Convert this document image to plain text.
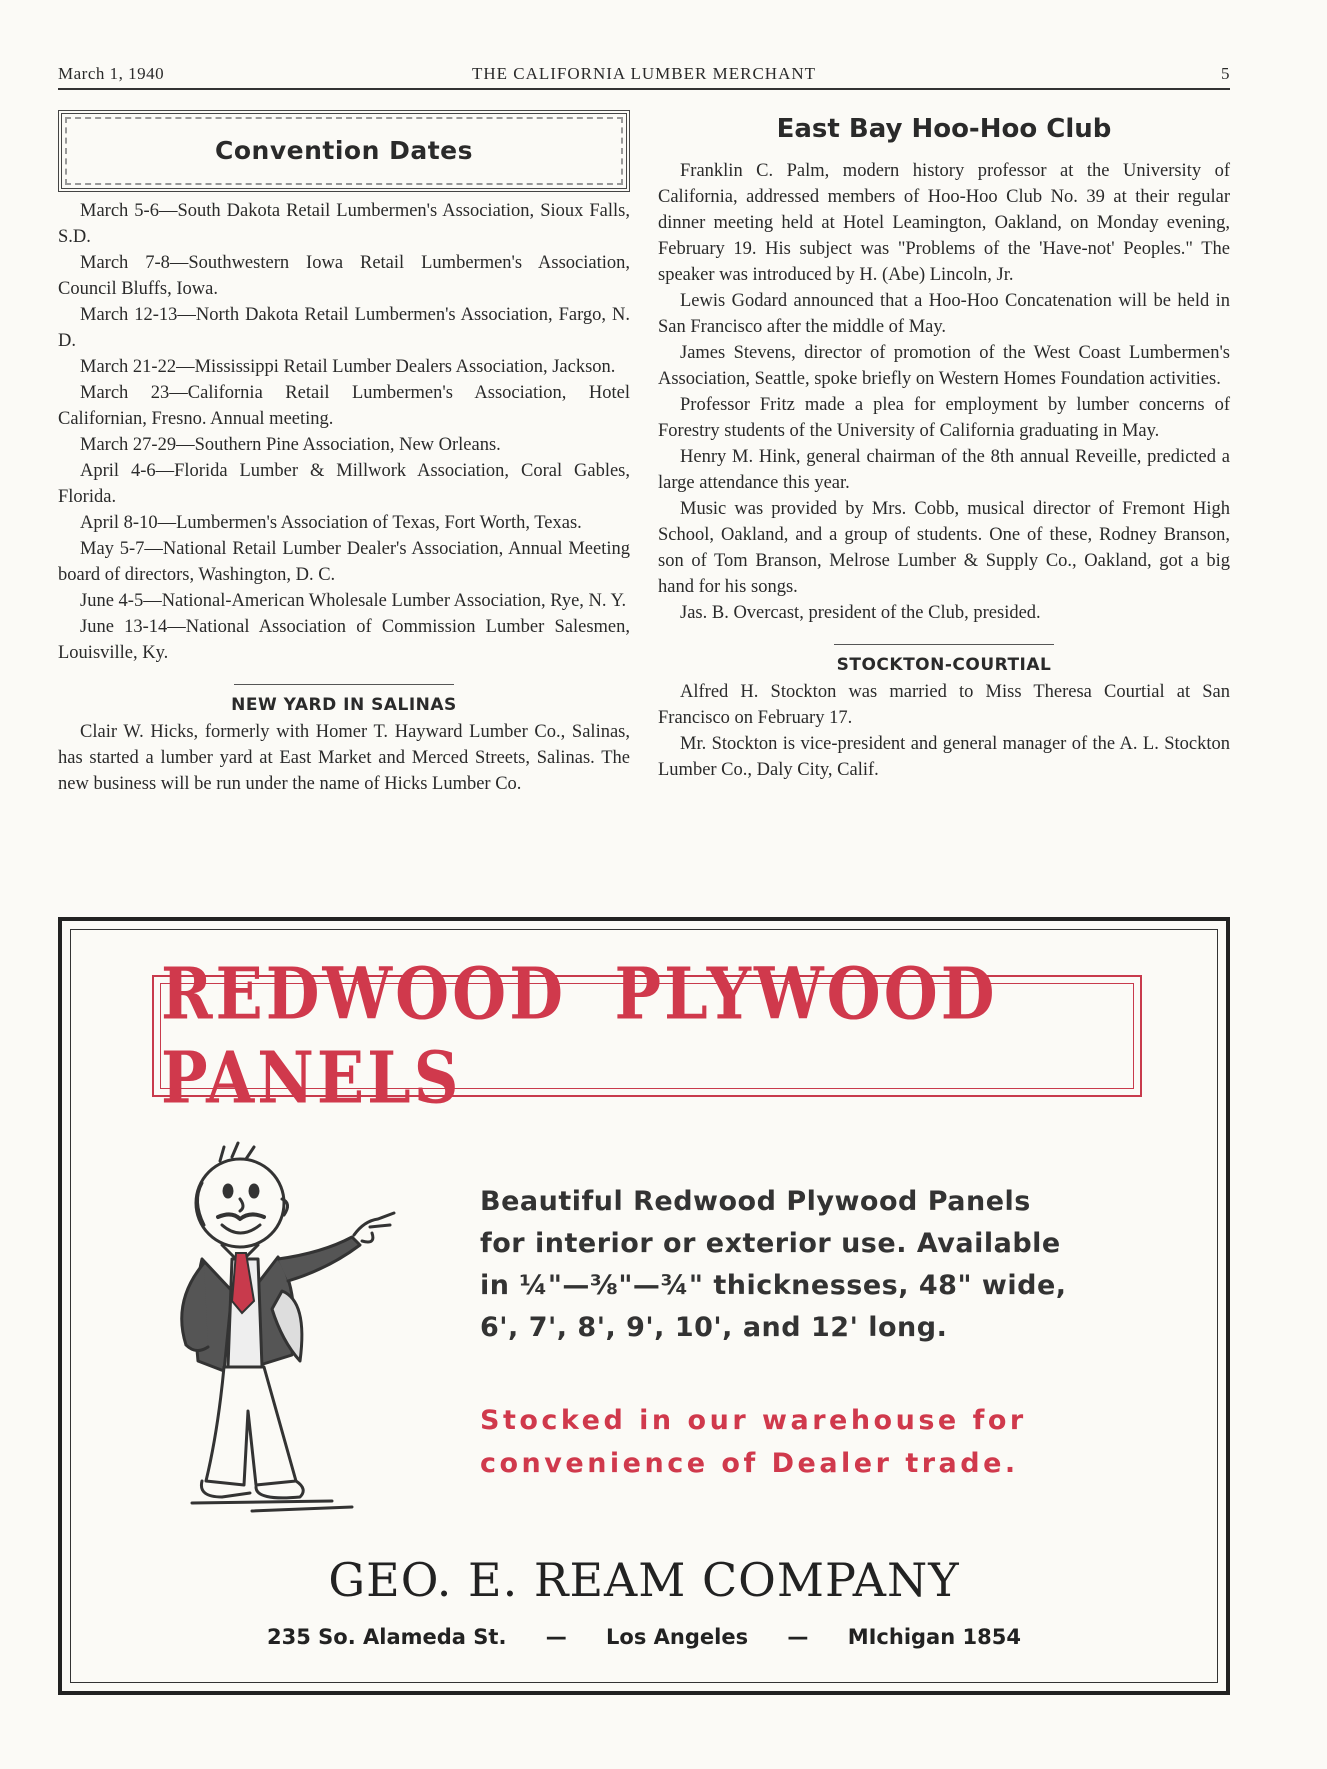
March 1, 1940	THE CALIFORNIA LUMBER MERCHANT	5
Convention Dates

March 5-6—South Dakota Retail Lumbermen's Association, Sioux Falls, S.D.

March 7-8—Southwestern Iowa Retail Lumbermen's Association, Council Bluffs, Iowa.

March 12-13—North Dakota Retail Lumbermen's Association, Fargo, N. D.

March 21-22—Mississippi Retail Lumber Dealers Association, Jackson.

March 23—California Retail Lumbermen's Association, Hotel Californian, Fresno. Annual meeting.

March 27-29—Southern Pine Association, New Orleans.

April 4-6—Florida Lumber & Millwork Association, Coral Gables, Florida.

April 8-10—Lumbermen's Association of Texas, Fort Worth, Texas.

May 5-7—National Retail Lumber Dealer's Association, Annual Meeting board of directors, Washington, D. C.

June 4-5—National-American Wholesale Lumber Association, Rye, N. Y.

June 13-14—National Association of Commission Lumber Salesmen, Louisville, Ky.

NEW YARD IN SALINAS

Clair W. Hicks, formerly with Homer T. Hayward Lumber Co., Salinas, has started a lumber yard at East Market and Merced Streets, Salinas. The new business will be run under the name of Hicks Lumber Co.

East Bay Hoo-Hoo Club

Franklin C. Palm, modern history professor at the University of California, addressed members of Hoo-Hoo Club No. 39 at their regular dinner meeting held at Hotel Leamington, Oakland, on Monday evening, February 19. His subject was "Problems of the 'Have-not' Peoples." The speaker was introduced by H. (Abe) Lincoln, Jr.

Lewis Godard announced that a Hoo-Hoo Concatenation will be held in San Francisco after the middle of May.

James Stevens, director of promotion of the West Coast Lumbermen's Association, Seattle, spoke briefly on Western Homes Foundation activities.

Professor Fritz made a plea for employment by lumber concerns of Forestry students of the University of California graduating in May.

Henry M. Hink, general chairman of the 8th annual Reveille, predicted a large attendance this year.

Music was provided by Mrs. Cobb, musical director of Fremont High School, Oakland, and a group of students. One of these, Rodney Branson, son of Tom Branson, Melrose Lumber & Supply Co., Oakland, got a big hand for his songs.

Jas. B. Overcast, president of the Club, presided.

STOCKTON-COURTIAL

Alfred H. Stockton was married to Miss Theresa Courtial at San Francisco on February 17.

Mr. Stockton is vice-president and general manager of the A. L. Stockton Lumber Co., Daly City, Calif.

REDWOOD PLYWOOD PANELS
Beautiful Redwood Plywood Panels
for interior or exterior use. Available
in ¼"—⅜"—¾" thicknesses, 48" wide,
6', 7', 8', 9', 10', and 12' long.
Stocked in our warehouse for
convenience of Dealer trade.
GEO. E. REAM COMPANY
235 So. Alameda St. — Los Angeles — MIchigan 1854
